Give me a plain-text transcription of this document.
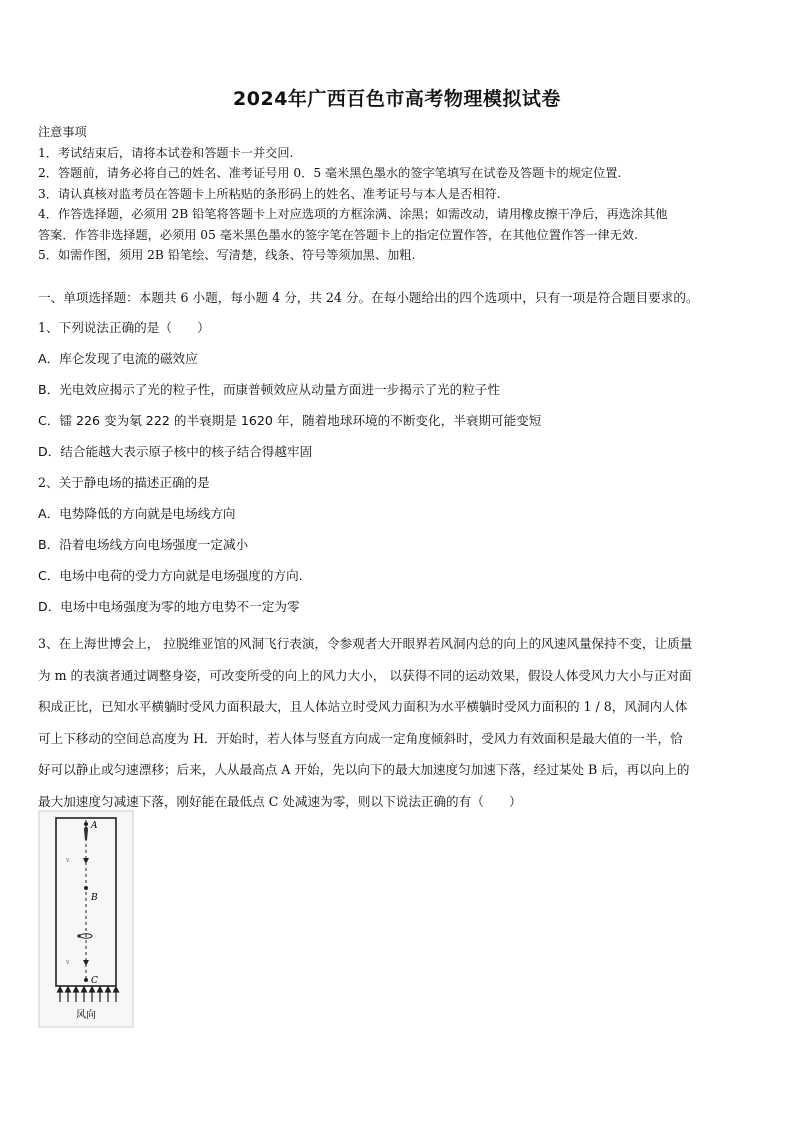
2024年广西百色市高考物理模拟试卷

注意事项

1．考试结束后，请将本试卷和答题卡一并交回.

2．答题前，请务必将自己的姓名、准考证号用 0．5 毫米黑色墨水的签字笔填写在试卷及答题卡的规定位置.

3．请认真核对监考员在答题卡上所粘贴的条形码上的姓名、准考证号与本人是否相符.

4．作答选择题，必须用 2B 铅笔将答题卡上对应选项的方框涂满、涂黑；如需改动，请用橡皮擦干净后，再选涂其他

答案．作答非选择题，必须用 05 毫米黑色墨水的签字笔在答题卡上的指定位置作答，在其他位置作答一律无效.

5．如需作图，须用 2B 铅笔绘、写清楚，线条、符号等须加黑、加粗.

一、单项选择题：本题共 6 小题，每小题 4 分，共 24 分。在每小题给出的四个选项中，只有一项是符合题目要求的。
1、下列说法正确的是（　　）
A．库仑发现了电流的磁效应
B．光电效应揭示了光的粒子性，而康普顿效应从动量方面进一步揭示了光的粒子性
C．镭 226 变为氡 222 的半衰期是 1620 年，随着地球环境的不断变化，半衰期可能变短
D．结合能越大表示原子核中的核子结合得越牢固
2、关于静电场的描述正确的是
A．电势降低的方向就是电场线方向
B．沿着电场线方向电场强度一定减小
C．电场中电荷的受力方向就是电场强度的方向.
D．电场中电场强度为零的地方电势不一定为零

3、在上海世博会上， 拉脱维亚馆的风洞飞行表演，令参观者大开眼界若风洞内总的向上的风速风量保持不变，让质量

为 m 的表演者通过调整身姿，可改变所受的向上的风力大小， 以获得不同的运动效果，假设人体受风力大小与正对面

积成正比，已知水平横躺时受风力面积最大，且人体站立时受风力面积为水平横躺时受风力面积的 1 / 8，风洞内人体

可上下移动的空间总高度为 H．开始时，若人体与竖直方向成一定角度倾斜时，受风力有效面积是最大值的一半，恰

好可以静止或匀速漂移；后来，人从最高点 A 开始，先以向下的最大加速度匀加速下落，经过某处 B 后，再以向上的

最大加速度匀减速下落，刚好能在最低点 C 处减速为零，则以下说法正确的有（　　）

A
v
B
v
C
风向
